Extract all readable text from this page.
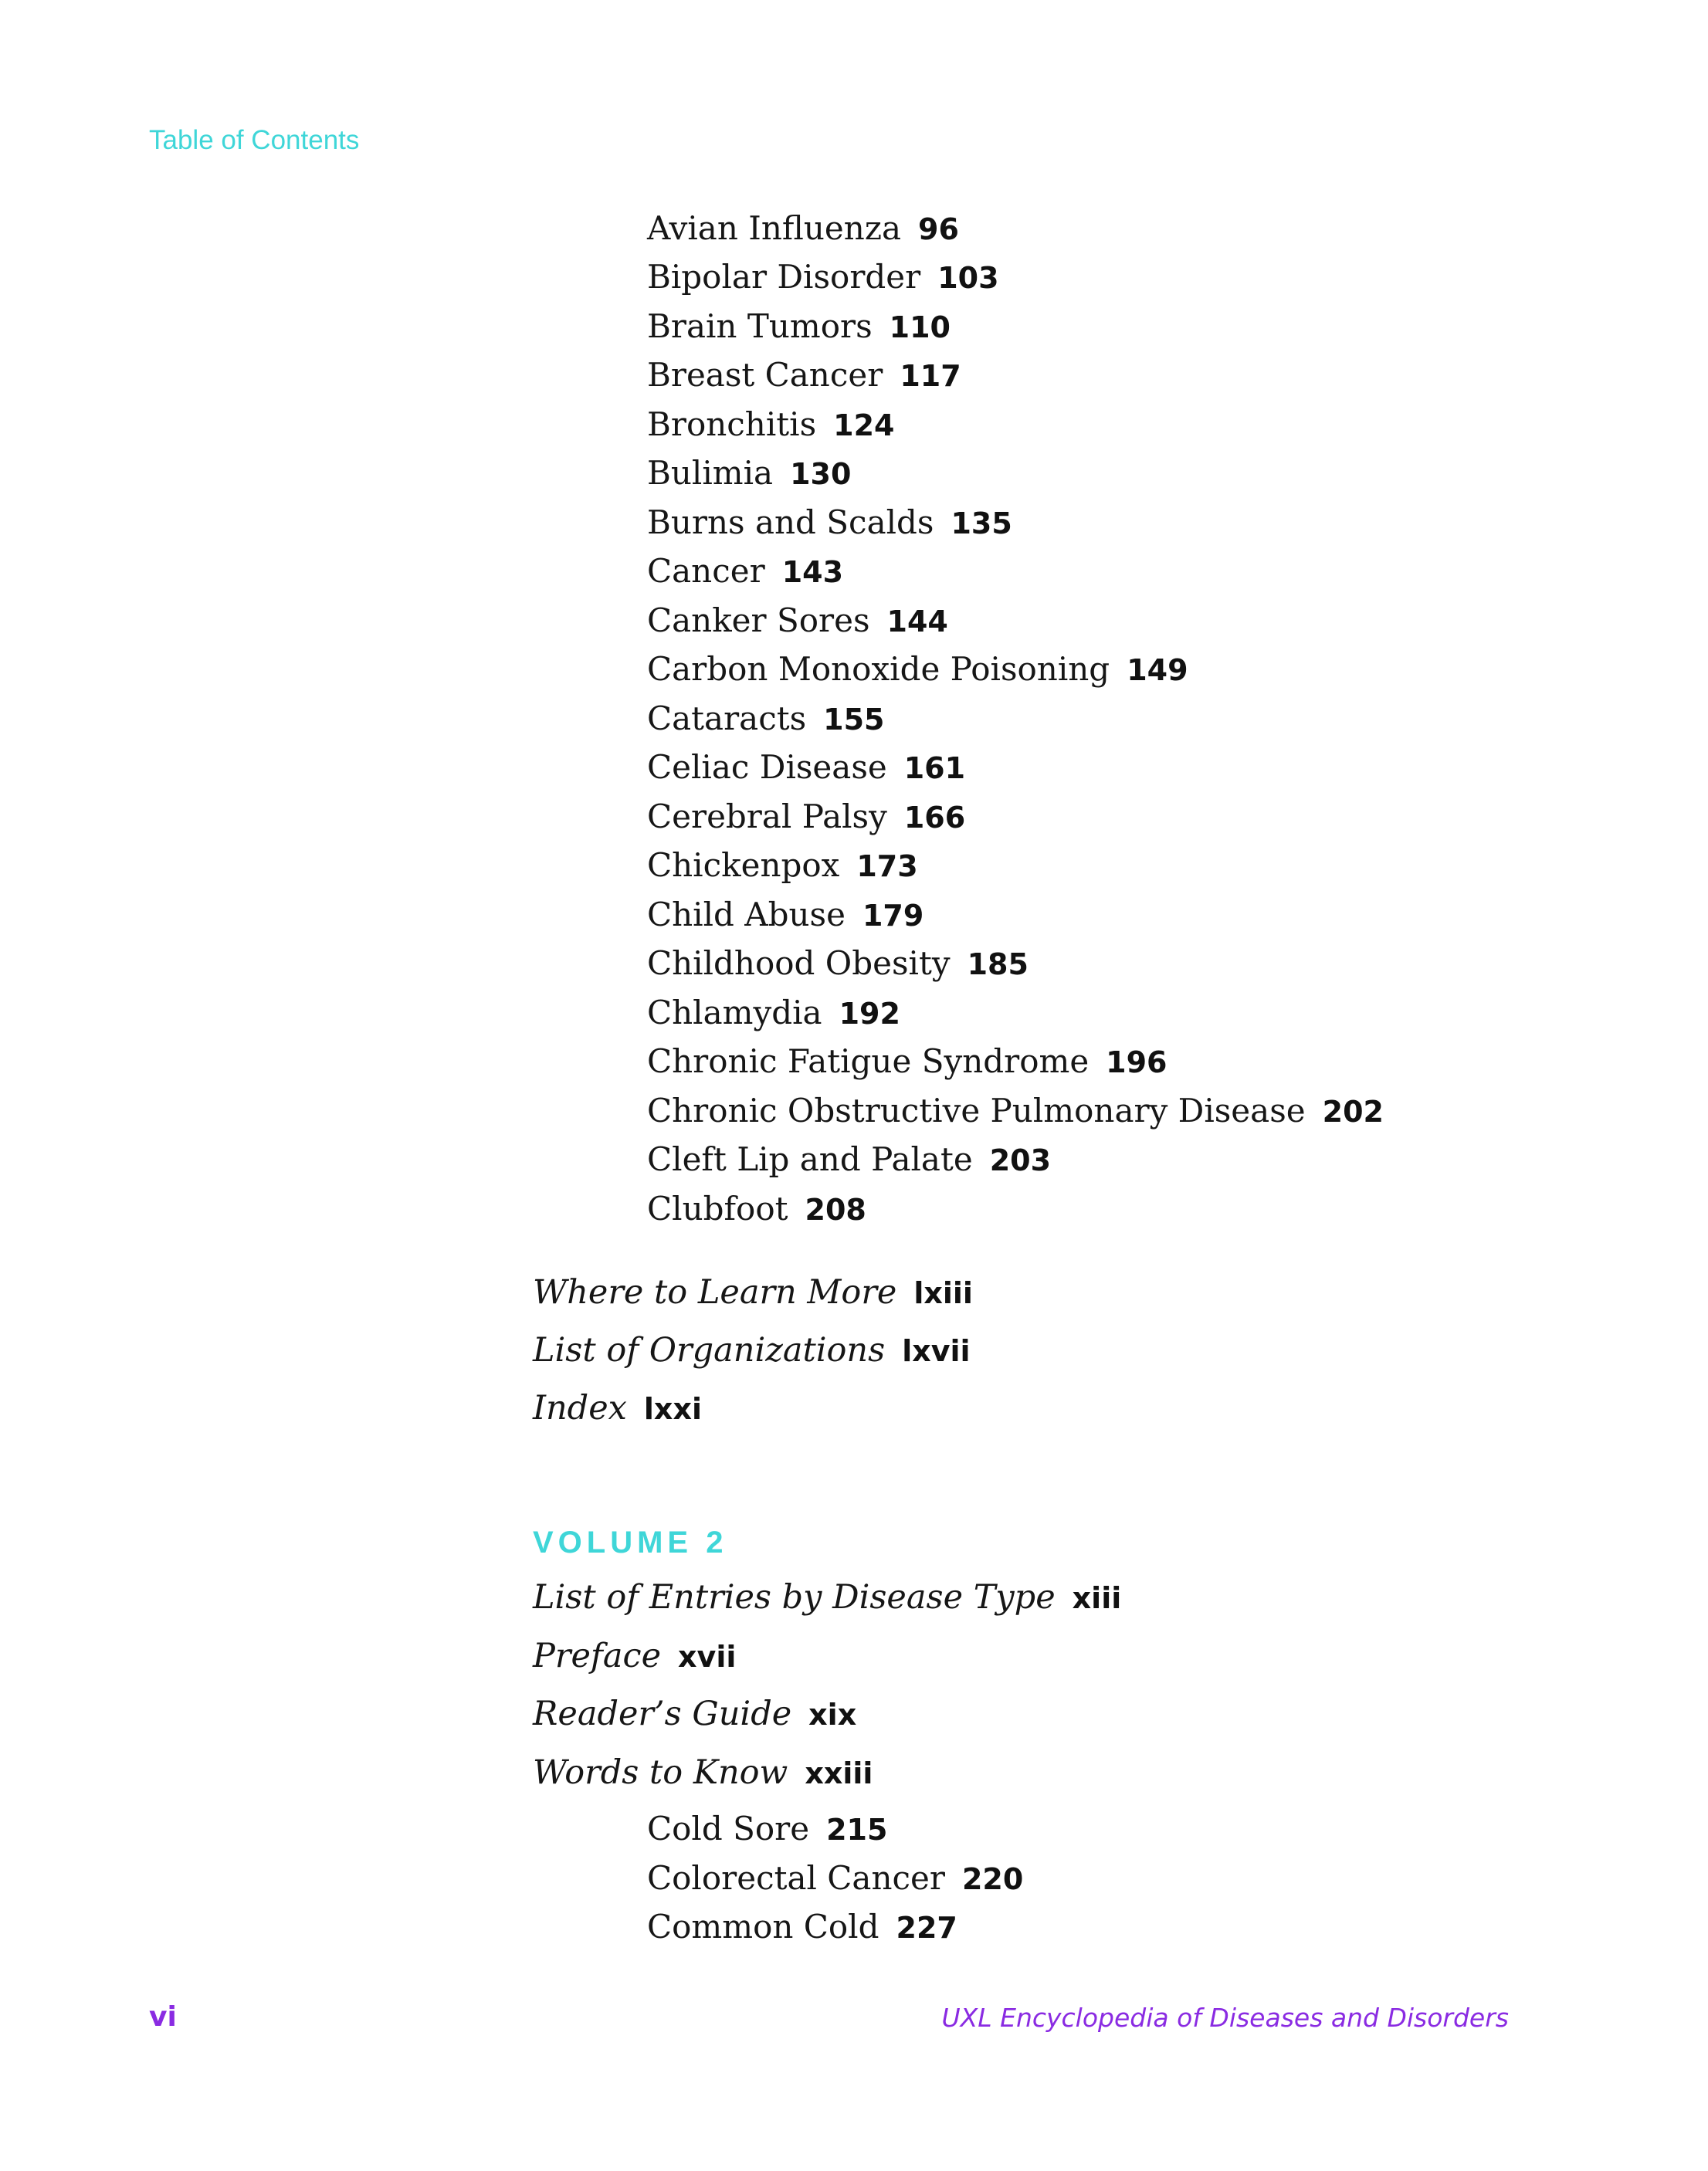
Table of Contents
Avian Influenza 96
Bipolar Disorder 103
Brain Tumors 110
Breast Cancer 117
Bronchitis 124
Bulimia 130
Burns and Scalds 135
Cancer 143
Canker Sores 144
Carbon Monoxide Poisoning 149
Cataracts 155
Celiac Disease 161
Cerebral Palsy 166
Chickenpox 173
Child Abuse 179
Childhood Obesity 185
Chlamydia 192
Chronic Fatigue Syndrome 196
Chronic Obstructive Pulmonary Disease 202
Cleft Lip and Palate 203
Clubfoot 208
Where to Learn More lxiii
List of Organizations lxvii
Index lxxi
VOLUME 2
List of Entries by Disease Type xiii
Preface xvii
Reader’s Guide xix
Words to Know xxiii
Cold Sore 215
Colorectal Cancer 220
Common Cold 227
vi	UXL Encyclopedia of Diseases and Disorders
